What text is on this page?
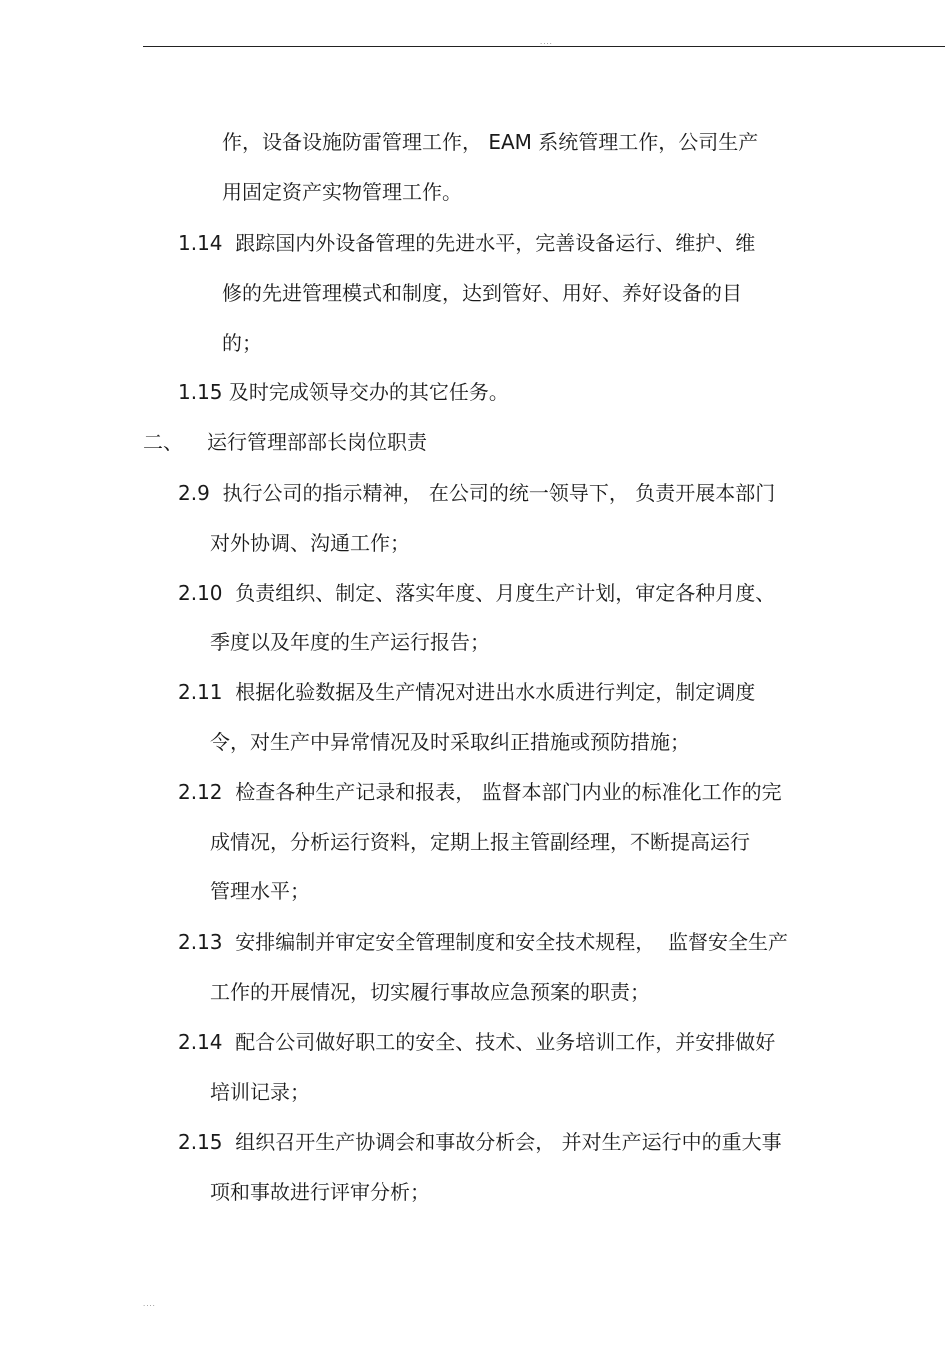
....
作，设备设施防雷管理工作， EAM 系统管理工作，公司生产
用固定资产实物管理工作。
1.14  跟踪国内外设备管理的先进水平，完善设备运行、维护、维
修的先进管理模式和制度，达到管好、用好、养好设备的目
的；
1.15 及时完成领导交办的其它任务。
二、 运行管理部部长岗位职责
2.9  执行公司的指示精神， 在公司的统一领导下， 负责开展本部门
对外协调、沟通工作；
2.10  负责组织、制定、落实年度、月度生产计划，审定各种月度、
季度以及年度的生产运行报告；
2.11  根据化验数据及生产情况对进出水水质进行判定，制定调度
令，对生产中异常情况及时采取纠正措施或预防措施；
2.12  检查各种生产记录和报表， 监督本部门内业的标准化工作的完
成情况，分析运行资料，定期上报主管副经理，不断提高运行
管理水平；
2.13  安排编制并审定安全管理制度和安全技术规程，  监督安全生产
工作的开展情况，切实履行事故应急预案的职责；
2.14  配合公司做好职工的安全、技术、业务培训工作，并安排做好
培训记录；
2.15  组织召开生产协调会和事故分析会， 并对生产运行中的重大事
项和事故进行评审分析；
....
